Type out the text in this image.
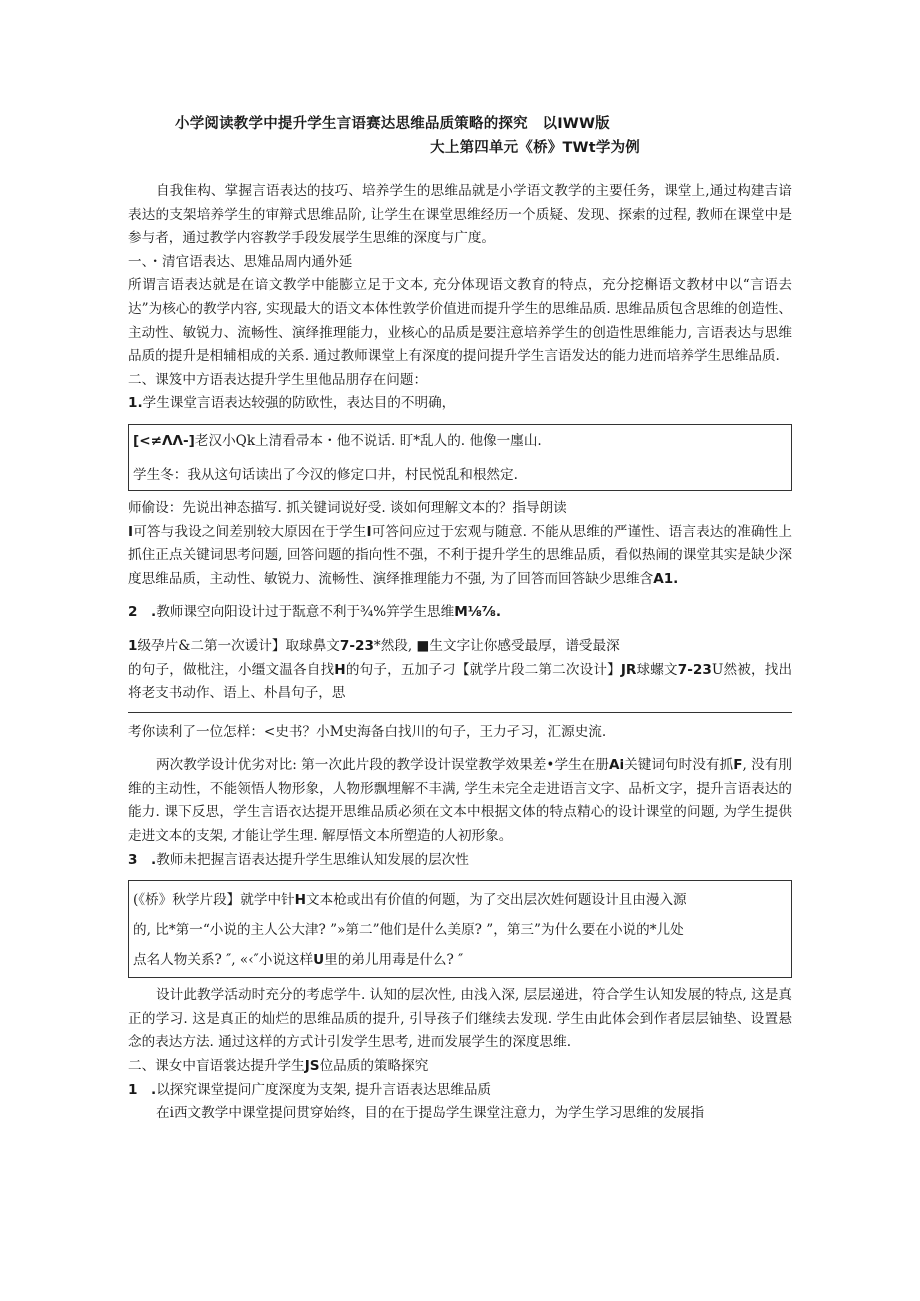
小学阅读教学中提升学生言语赛达思维品质策略的探究　以IWW版
大上第四单元《桥》TWt学为例

自我隹构、掌握言语表达的技巧、培养学生的思维品就是小学语文教学的主要任务，课堂上,通过构建吉谙表达的支架培养学生的审辩式思维品阶, 让学生在课堂思维经历一个质疑、发现、探索的过程, 教师在课堂中是参与者，通过教学内容教学手段发展学生思维的深度与广度。

一、・清官语表达、思雉品周内通外延

所谓言语表达就是在谙文教学中能膨立足于文本, 充分体现语文教育的特点，充分挖槲语文教材中以“言语去达”为核心的教学内容, 实现最大的语文本体性敦学价值进而提升学生的思维品质. 思维品质包含思维的创造性、主动性、敏锐力、流畅性、演绎推理能力，业核心的品质是要注意培养学生的创造性思维能力, 言语表达与思维品质的提升是相辅相成的关系. 通过教师课堂上有深度的提问提升学生言语发达的能力进而培养学生思维品质.

二、课笈中方语表达提升学生里他品朋存在问题：

1.学生课堂言语表达较强的防欧性，表达目的不明确，

[<≠ΛΛ-]老汉小Qk上清看帚本・他不说话. 盯*乱人的. 他像一廛山.

学生冬：我从这句话读出了今汉的修定口井，村民悦乱和根然定.

师偷设：先说出神态描写. 抓关键词说好受. 谈如何理解文本的？指导朗读

I可答与我设之间差别较大原因在于学生I可答问应过于宏观与随意. 不能从思维的严谨性、语言表达的准确性上抓住正点关键词思考问题, 回答问题的指向性不强，不利于提升学生的思维品质，看似热闹的课堂其实是缺少深度思维品质，主动性、敏锐力、流畅性、演绎推理能力不强, 为了回答而回答缺少思维含A1.

2　.教师课空向阳设计过于翫意不利于¾%笄学生思维M⅛⅞.

1级孕片&二第一次谖计】取球鼻文7-23*然段, ■生文字让你感受最厚，谱受最深

的句子，做枇注，小缰文温各自找H的句子，五加子刁【就学片段二第二次设计】JR球螺文7-23U然被，找出将老支书动作、语上、朴昌句子，思

考你读利了一位怎样：<史书？小M史海备白找川的句子，王力孑习，汇源史流.

两次教学设计优劣对比: 第一次此片段的教学设计误堂教学效果差•学生在册Ai关键词句时没有抓F, 没有刖维的主动性，不能领悟人物形象，人物形飘埋解不丰满, 学生未完全走进语言文字、品析文字，提升言语表达的能力. 课下反思，学生言语衣达提开思维品质必须在文本中根据文体的特点精心的设计课堂的问题, 为学生提供走进文本的支架, 才能让学生理. 解厚悟文本所塑造的人初形象。

3　.教师未把握言语表达提升学生思维认知发展的层次性

(《桥》秋学片段】就学中针H文本枪或出有价值的何题，为了交出层次姓何题设计且由漫入源

的, 比*第一“小说的主人公大津? ”»第二”他们是什么美原? ”，第三”为什么要在小说的*儿处

点名人物关系? ″, «‹″小说这样U里的弟儿用毒是什么? ″

设计此教学活动时充分的考虑学牛. 认知的层次性, 由浅入深, 层层递进，符合学生认知发展的特点, 这是真正的学习. 这是真正的灿烂的思维品质的提升, 引导孩子们继续去发现. 学生由此体会到作者层层铀垫、设置悬念的表达方法. 通过这样的方式计引发学生思考, 进而发展学生的深度思维.

二、课女中盲语裳达提升学生JS位品质的策略探究

1　.以探究课堂提问广度深度为支架, 提升言语表达思维品质

在i西文教学中课堂提问贯穿始终，目的在于提岛学生课堂注意力，为学生学习思维的发展指
